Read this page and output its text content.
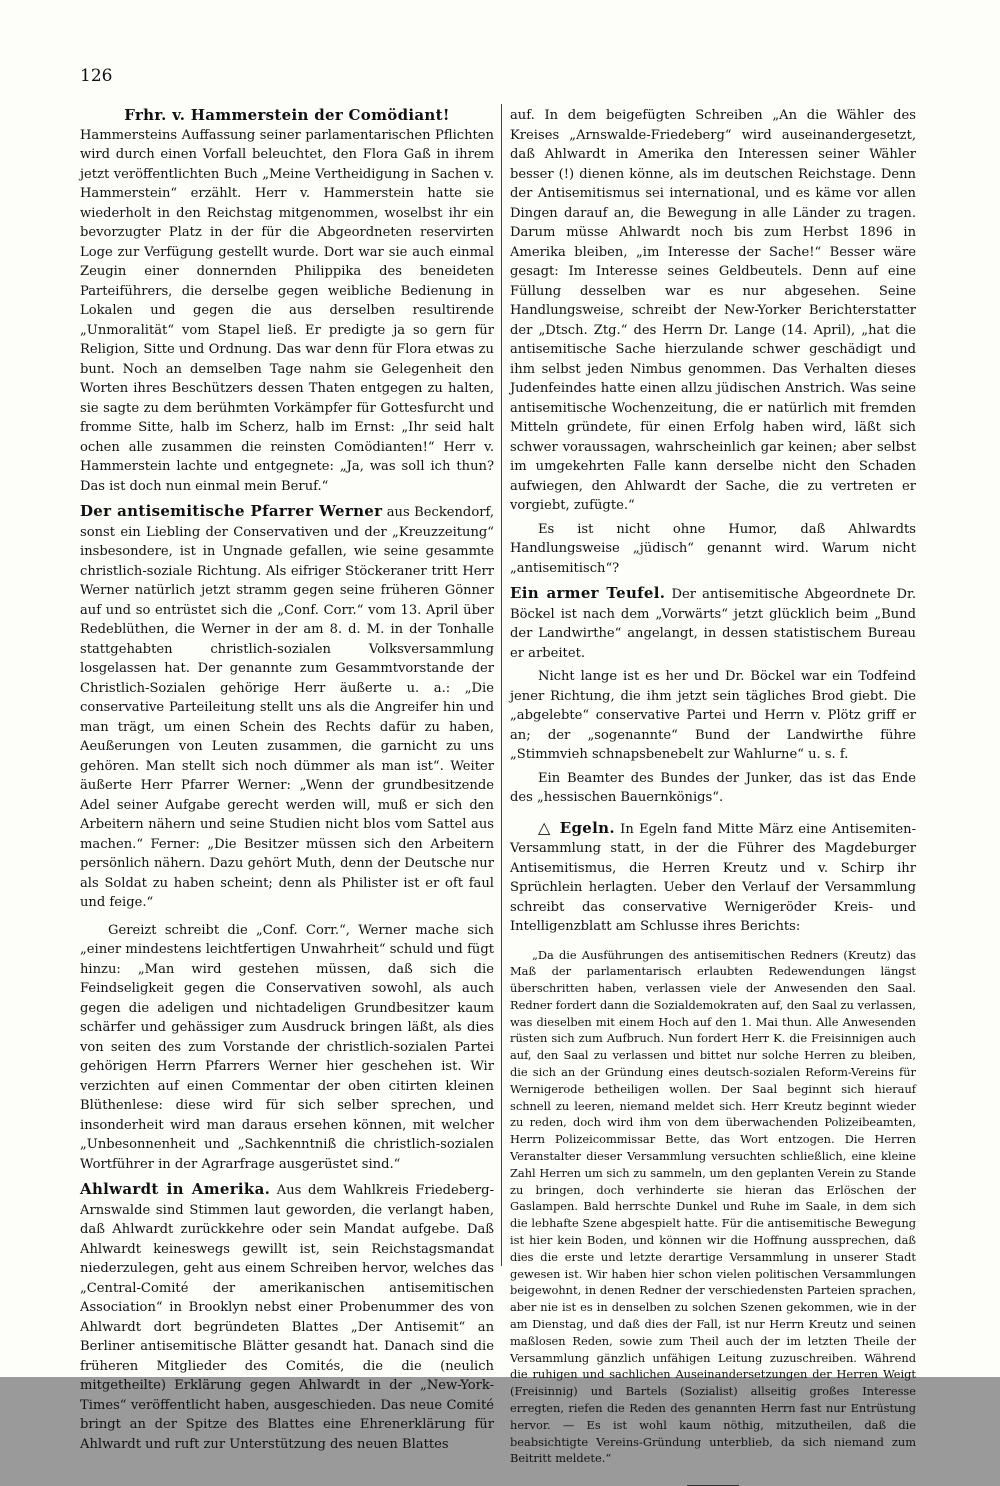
126

Frhr. v. Hammerstein der Comödiant!
Hammersteins Auffassung seiner parlamentarischen Pflichten wird durch einen Vorfall beleuchtet, den Flora Gaß in ihrem jetzt veröffentlichten Buch „Meine Vertheidigung in Sachen v. Hammerstein“ erzählt. Herr v. Hammerstein hatte sie wiederholt in den Reichstag mitgenommen, woselbst ihr ein bevorzugter Platz in der für die Abgeordneten reservirten Loge zur Verfügung gestellt wurde. Dort war sie auch einmal Zeugin einer donnernden Philippika des beneideten Parteiführers, die derselbe gegen weibliche Bedienung in Lokalen und gegen die aus derselben resultirende „Unmoralität“ vom Stapel ließ. Er predigte ja so gern für Religion, Sitte und Ordnung. Das war denn für Flora etwas zu bunt. Noch an demselben Tage nahm sie Gelegenheit den Worten ihres Beschützers dessen Thaten entgegen zu halten, sie sagte zu dem berühmten Vorkämpfer für Gottesfurcht und fromme Sitte, halb im Scherz, halb im Ernst: „Ihr seid halt ochen alle zusammen die reinsten Comödianten!“ Herr v. Hammerstein lachte und entgegnete: „Ja, was soll ich thun? Das ist doch nun einmal mein Beruf.“

Der antisemitische Pfarrer Werner aus Beckendorf, sonst ein Liebling der Conservativen und der „Kreuzzeitung“ insbesondere, ist in Ungnade gefallen, wie seine gesammte christlich-soziale Richtung. Als eifriger Stöckeraner tritt Herr Werner natürlich jetzt stramm gegen seine früheren Gönner auf und so entrüstet sich die „Conf. Corr.“ vom 13. April über Redeblüthen, die Werner in der am 8. d. M. in der Tonhalle stattgehabten christlich-sozialen Volksversammlung losgelassen hat. Der genannte zum Gesammtvorstande der Christlich-Sozialen gehörige Herr äußerte u. a.: „Die conservative Parteileitung stellt uns als die Angreifer hin und man trägt, um einen Schein des Rechts dafür zu haben, Aeußerungen von Leuten zusammen, die garnicht zu uns gehören. Man stellt sich noch dümmer als man ist“. Weiter äußerte Herr Pfarrer Werner: „Wenn der grundbesitzende Adel seiner Aufgabe gerecht werden will, muß er sich den Arbeitern nähern und seine Studien nicht blos vom Sattel aus machen.“ Ferner: „Die Besitzer müssen sich den Arbeitern persönlich nähern. Dazu gehört Muth, denn der Deutsche nur als Soldat zu haben scheint; denn als Philister ist er oft faul und feige.“

Gereizt schreibt die „Conf. Corr.“, Werner mache sich „einer mindestens leichtfertigen Unwahrheit“ schuld und fügt hinzu: „Man wird gestehen müssen, daß sich die Feindseligkeit gegen die Conservativen sowohl, als auch gegen die adeligen und nichtadeligen Grundbesitzer kaum schärfer und gehässiger zum Ausdruck bringen läßt, als dies von seiten des zum Vorstande der christlich-sozialen Partei gehörigen Herrn Pfarrers Werner hier geschehen ist. Wir verzichten auf einen Commentar der oben citirten kleinen Blüthenlese: diese wird für sich selber sprechen, und insonderheit wird man daraus ersehen können, mit welcher „Unbesonnenheit und „Sachkenntniß die christlich-sozialen Wortführer in der Agrarfrage ausgerüstet sind.“

Ahlwardt in Amerika. Aus dem Wahlkreis Friedeberg-Arnswalde sind Stimmen laut geworden, die verlangt haben, daß Ahlwardt zurückkehre oder sein Mandat aufgebe. Daß Ahlwardt keineswegs gewillt ist, sein Reichstagsmandat niederzulegen, geht aus einem Schreiben hervor, welches das „Central-Comité der amerikanischen antisemitischen Association“ in Brooklyn nebst einer Probenummer des von Ahlwardt dort begründeten Blattes „Der Antisemit“ an Berliner antisemitische Blätter gesandt hat. Danach sind die früheren Mitglieder des Comités, die die (neulich mitgetheilte) Erklärung gegen Ahlwardt in der „New-York-Times“ veröffentlicht haben, ausgeschieden. Das neue Comité bringt an der Spitze des Blattes eine Ehrenerklärung für Ahlwardt und ruft zur Unterstützung des neuen Blattes

auf. In dem beigefügten Schreiben „An die Wähler des Kreises „Arnswalde-Friedeberg“ wird auseinandergesetzt, daß Ahlwardt in Amerika den Interessen seiner Wähler besser (!) dienen könne, als im deutschen Reichstage. Denn der Antisemitismus sei international, und es käme vor allen Dingen darauf an, die Bewegung in alle Länder zu tragen. Darum müsse Ahlwardt noch bis zum Herbst 1896 in Amerika bleiben, „im Interesse der Sache!“ Besser wäre gesagt: Im Interesse seines Geldbeutels. Denn auf eine Füllung desselben war es nur abgesehen. Seine Handlungsweise, schreibt der New-Yorker Berichterstatter der „Dtsch. Ztg.“ des Herrn Dr. Lange (14. April), „hat die antisemitische Sache hierzulande schwer geschädigt und ihm selbst jeden Nimbus genommen. Das Verhalten dieses Judenfeindes hatte einen allzu jüdischen Anstrich. Was seine antisemitische Wochenzeitung, die er natürlich mit fremden Mitteln gründete, für einen Erfolg haben wird, läßt sich schwer voraussagen, wahrscheinlich gar keinen; aber selbst im umgekehrten Falle kann derselbe nicht den Schaden aufwiegen, den Ahlwardt der Sache, die zu vertreten er vorgiebt, zufügte.“

Es ist nicht ohne Humor, daß Ahlwardts Handlungsweise „jüdisch“ genannt wird. Warum nicht „antisemitisch“?

Ein armer Teufel. Der antisemitische Abgeordnete Dr. Böckel ist nach dem „Vorwärts“ jetzt glücklich beim „Bund der Landwirthe“ angelangt, in dessen statistischem Bureau er arbeitet.

Nicht lange ist es her und Dr. Böckel war ein Todfeind jener Richtung, die ihm jetzt sein tägliches Brod giebt. Die „abgelebte“ conservative Partei und Herrn v. Plötz griff er an; der „sogenannte“ Bund der Landwirthe führe „Stimmvieh schnapsbenebelt zur Wahlurne“ u. s. f.

Ein Beamter des Bundes der Junker, das ist das Ende des „hessischen Bauernkönigs“.

△ Egeln. In Egeln fand Mitte März eine Antisemiten-Versammlung statt, in der die Führer des Magdeburger Antisemitismus, die Herren Kreutz und v. Schirp ihr Sprüchlein herlagten. Ueber den Verlauf der Versammlung schreibt das conservative Wernigeröder Kreis- und Intelligenzblatt am Schlusse ihres Berichts:

„Da die Ausführungen des antisemitischen Redners (Kreutz) das Maß der parlamentarisch erlaubten Redewendungen längst überschritten haben, verlassen viele der Anwesenden den Saal. Redner fordert dann die Sozialdemokraten auf, den Saal zu verlassen, was dieselben mit einem Hoch auf den 1. Mai thun. Alle Anwesenden rüsten sich zum Aufbruch. Nun fordert Herr K. die Freisinnigen auch auf, den Saal zu verlassen und bittet nur solche Herren zu bleiben, die sich an der Gründung eines deutsch-sozialen Reform-Vereins für Wernigerode betheiligen wollen. Der Saal beginnt sich hierauf schnell zu leeren, niemand meldet sich. Herr Kreutz beginnt wieder zu reden, doch wird ihm von dem überwachenden Polizeibeamten, Herrn Polizeicommissar Bette, das Wort entzogen. Die Herren Veranstalter dieser Versammlung versuchten schließlich, eine kleine Zahl Herren um sich zu sammeln, um den geplanten Verein zu Stande zu bringen, doch verhinderte sie hieran das Erlöschen der Gaslampen. Bald herrschte Dunkel und Ruhe im Saale, in dem sich die lebhafte Szene abgespielt hatte. Für die antisemitische Bewegung ist hier kein Boden, und können wir die Hoffnung aussprechen, daß dies die erste und letzte derartige Versammlung in unserer Stadt gewesen ist. Wir haben hier schon vielen politischen Versammlungen beigewohnt, in denen Redner der verschiedensten Parteien sprachen, aber nie ist es in denselben zu solchen Szenen gekommen, wie in der am Dienstag, und daß dies der Fall, ist nur Herrn Kreutz und seinen maßlosen Reden, sowie zum Theil auch der im letzten Theile der Versammlung gänzlich unfähigen Leitung zuzuschreiben. Während die ruhigen und sachlichen Auseinandersetzungen der Herren Weigt (Freisinnig) und Bartels (Sozialist) allseitig großes Interesse erregten, riefen die Reden des genannten Herrn fast nur Entrüstung hervor. — Es ist wohl kaum nöthig, mitzutheilen, daß die beabsichtigte Vereins-Gründung unterblieb, da sich niemand zum Beitritt meldete.“
